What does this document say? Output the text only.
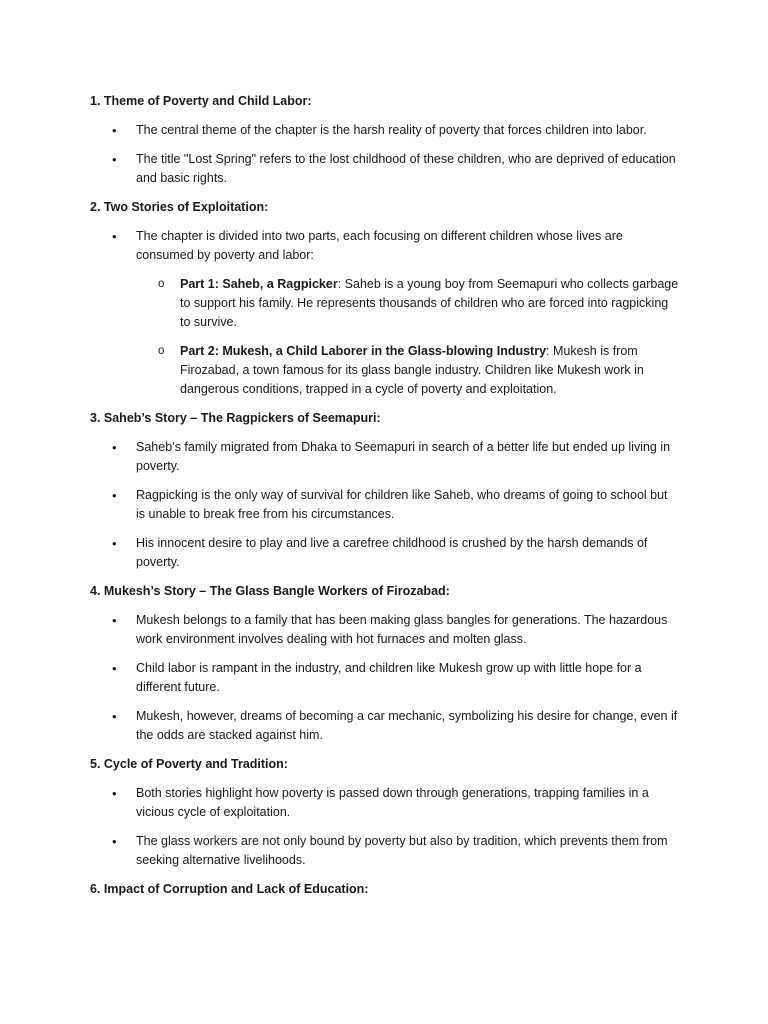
1. Theme of Poverty and Child Labor:

• The central theme of the chapter is the harsh reality of poverty that forces children into labor.
• The title "Lost Spring" refers to the lost childhood of these children, who are deprived of education and basic rights.

2. Two Stories of Exploitation:

• The chapter is divided into two parts, each focusing on different children whose lives are consumed by poverty and labor:
o Part 1: Saheb, a Ragpicker: Saheb is a young boy from Seemapuri who collects garbage to support his family. He represents thousands of children who are forced into ragpicking to survive.
o Part 2: Mukesh, a Child Laborer in the Glass-blowing Industry: Mukesh is from Firozabad, a town famous for its glass bangle industry. Children like Mukesh work in dangerous conditions, trapped in a cycle of poverty and exploitation.

3. Saheb’s Story – The Ragpickers of Seemapuri:

• Saheb’s family migrated from Dhaka to Seemapuri in search of a better life but ended up living in poverty.
• Ragpicking is the only way of survival for children like Saheb, who dreams of going to school but is unable to break free from his circumstances.
• His innocent desire to play and live a carefree childhood is crushed by the harsh demands of poverty.

4. Mukesh’s Story – The Glass Bangle Workers of Firozabad:

• Mukesh belongs to a family that has been making glass bangles for generations. The hazardous work environment involves dealing with hot furnaces and molten glass.
• Child labor is rampant in the industry, and children like Mukesh grow up with little hope for a different future.
• Mukesh, however, dreams of becoming a car mechanic, symbolizing his desire for change, even if the odds are stacked against him.

5. Cycle of Poverty and Tradition:

• Both stories highlight how poverty is passed down through generations, trapping families in a vicious cycle of exploitation.
• The glass workers are not only bound by poverty but also by tradition, which prevents them from seeking alternative livelihoods.

6. Impact of Corruption and Lack of Education:
